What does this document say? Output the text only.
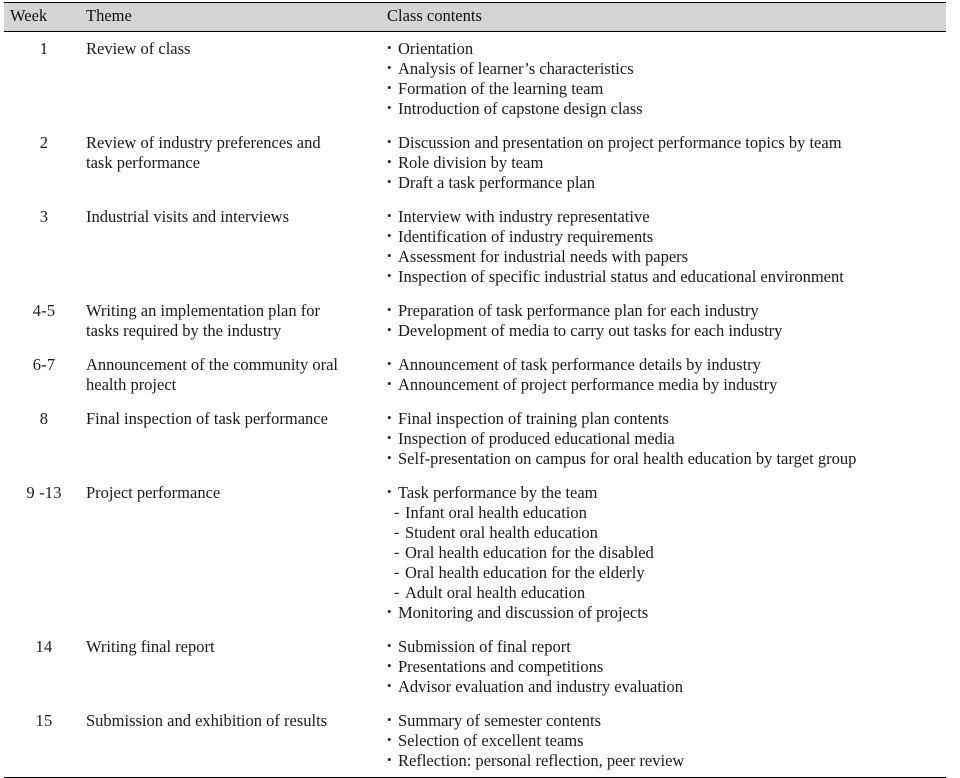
Week	Theme	Class contents
1	Review of class

•Orientation
• Analysis of learner’s characteristics
• Formation of the learning team
• Introduction of capstone design class

2	Review of industry preferences and
task performance

• Discussion and presentation on project performance topics by team
• Role division by team
• Draft a task performance plan

3	Industrial visits and interviews

•Interview with industry representative
• Identification of industry requirements
• Assessment for industrial needs with papers
• Inspection of specific industrial status and educational environment

4-5	Writing an implementation plan for
tasks required by the industry

• Preparation of task performance plan for each industry
• Development of media to carry out tasks for each industry

6-7	Announcement of the community oral
health project

• Announcement of task performance details by industry
• Announcement of project performance media by industry

8	Final inspection of task performance

•Final inspection of training plan contents
• Inspection of produced educational media
• Self-presentation on campus for oral health education by target group

9 -13	Project performance

•Task performance by the team
- Infant oral health education
- Student oral health education
- Oral health education for the disabled
- Oral health education for the elderly
- Adult oral health education
• Monitoring and discussion of projects

14	Writing final report

•Submission of final report
• Presentations and competitions
• Advisor evaluation and industry evaluation

15	Submission and exhibition of results

•Summary of semester contents
• Selection of excellent teams
• Reflection: personal reflection, peer review
